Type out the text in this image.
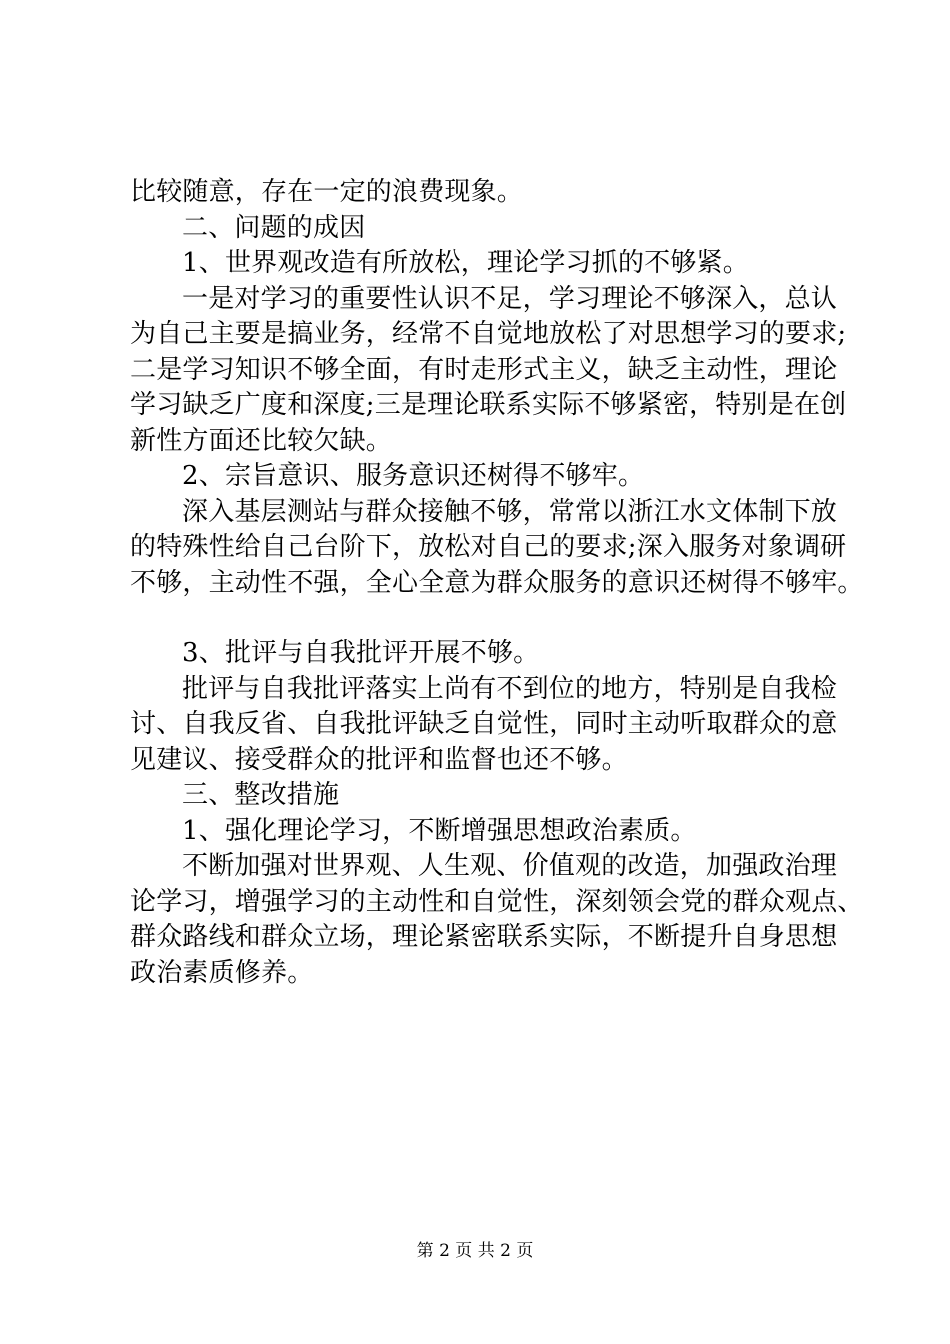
比较随意，存在一定的浪费现象。
二、问题的成因
1、世界观改造有所放松，理论学习抓的不够紧。
一是对学习的重要性认识不足，学习理论不够深入，总认
为自己主要是搞业务，经常不自觉地放松了对思想学习的要求;
二是学习知识不够全面，有时走形式主义，缺乏主动性，理论
学习缺乏广度和深度;三是理论联系实际不够紧密，特别是在创
新性方面还比较欠缺。
2、宗旨意识、服务意识还树得不够牢。
深入基层测站与群众接触不够，常常以浙江水文体制下放
的特殊性给自己台阶下，放松对自己的要求;深入服务对象调研
不够，主动性不强，全心全意为群众服务的意识还树得不够牢。
3、批评与自我批评开展不够。
批评与自我批评落实上尚有不到位的地方，特别是自我检
讨、自我反省、自我批评缺乏自觉性，同时主动听取群众的意
见建议、接受群众的批评和监督也还不够。
三、整改措施
1、强化理论学习，不断增强思想政治素质。
不断加强对世界观、人生观、价值观的改造，加强政治理
论学习，增强学习的主动性和自觉性，深刻领会党的群众观点、
群众路线和群众立场，理论紧密联系实际，不断提升自身思想
政治素质修养。
第 2 页 共 2 页
